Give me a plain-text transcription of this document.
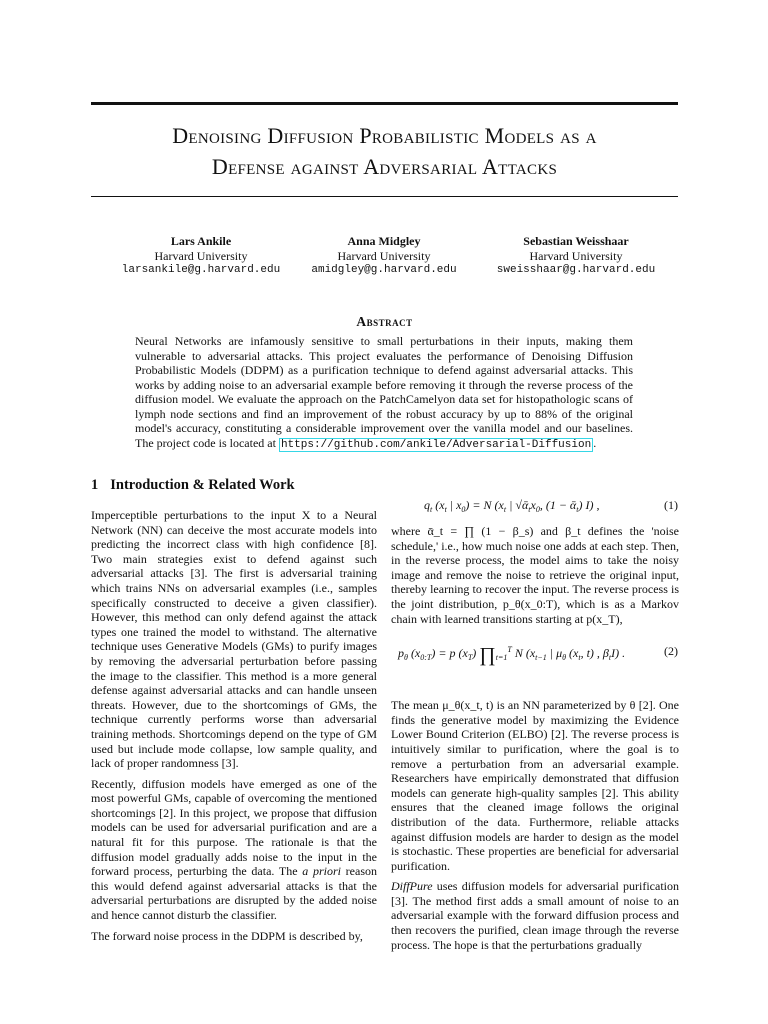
Denoising Diffusion Probabilistic Models as a
Defense against Adversarial Attacks
Lars Ankile
Harvard University
larsankile@g.harvard.edu
Anna Midgley
Harvard University
amidgley@g.harvard.edu
Sebastian Weisshaar
Harvard University
sweisshaar@g.harvard.edu
Abstract
Neural Networks are infamously sensitive to small perturbations in their inputs, making them vulnerable to adversarial attacks. This project evaluates the performance of Denoising Diffusion Probabilistic Models (DDPM) as a purification technique to defend against adversarial attacks. This works by adding noise to an adversarial example before removing it through the reverse process of the diffusion model. We evaluate the approach on the PatchCamelyon data set for histopathologic scans of lymph node sections and find an improvement of the robust accuracy by up to 88% of the original model's accuracy, constituting a considerable improvement over the vanilla model and our baselines. The project code is located at https://github.com/ankile/Adversarial-Diffusion .
1 Introduction & Related Work

Imperceptible perturbations to the input X to a Neural Network (NN) can deceive the most accurate models into predicting the incorrect class with high confidence [8]. Two main strategies exist to defend against such adversarial attacks [3]. The first is adversarial training which trains NNs on adversarial examples (i.e., samples specifically constructed to deceive a given classifier). However, this method can only defend against the attack types one trained the model to withstand. The alternative technique uses Generative Models (GMs) to purify images by removing the adversarial perturbation before passing the image to the classifier. This method is a more general defense against adversarial attacks and can handle unseen threats. However, due to the shortcomings of GMs, the technique currently performs worse than adversarial training methods. Shortcomings depend on the type of GM used but include mode collapse, low sample quality, and lack of proper randomness [3].

Recently, diffusion models have emerged as one of the most powerful GMs, capable of overcoming the mentioned shortcomings [2]. In this project, we propose that diffusion models can be used for adversarial purification and are a natural fit for this purpose. The rationale is that the diffusion model gradually adds noise to the input in the forward process, perturbing the data. The a priori reason this would defend against adversarial attacks is that the adversarial perturbations are disrupted by the added noise and hence cannot disturb the classifier.

The forward noise process in the DDPM is described by,

$q_t$ ($x_t$ | $x_0) = N$ ($x_t$ | $√ᾱ_tx_0$, (1 − ᾱ$_t$) I) ,	(1)

where ᾱ_t = ∏ (1 − β_s) and β_t defines the 'noise schedule,' i.e., how much noise one adds at each step. Then, in the reverse process, the model aims to take the noisy image and remove the noise to retrieve the original input, thereby learning to recover the input. The reverse process is the joint distribution, p_θ(x_0:T), which is as a Markov chain with learned transitions starting at p(x_T),

The mean μ_θ(x_t, t) is an NN parameterized by θ [2]. One finds the generative model by maximizing the Evidence Lower Bound Criterion (ELBO) [2]. The reverse process is intuitively similar to purification, where the goal is to remove a perturbation from an adversarial example. Researchers have empirically demonstrated that diffusion models can generate high-quality samples [2]. This ability ensures that the cleaned image follows the original distribution of the data. Furthermore, reliable attacks against diffusion models are harder to design as the model is stochastic. These properties are beneficial for adversarial purification.

DiffPure uses diffusion models for adversarial purification [3]. The method first adds a small amount of noise to an adversarial example with the forward diffusion process and then recovers the purified, clean image through the reverse process. The hope is that the perturbations gradually

$p_\theta$ $(x_{0:T}) = p$ $(x_T)$ $\prod_{t=1}^T$ N ($x_{t-1}$ | $\mu_\theta$ ($x_t$, t) , $\beta_tI$) .	(2)
